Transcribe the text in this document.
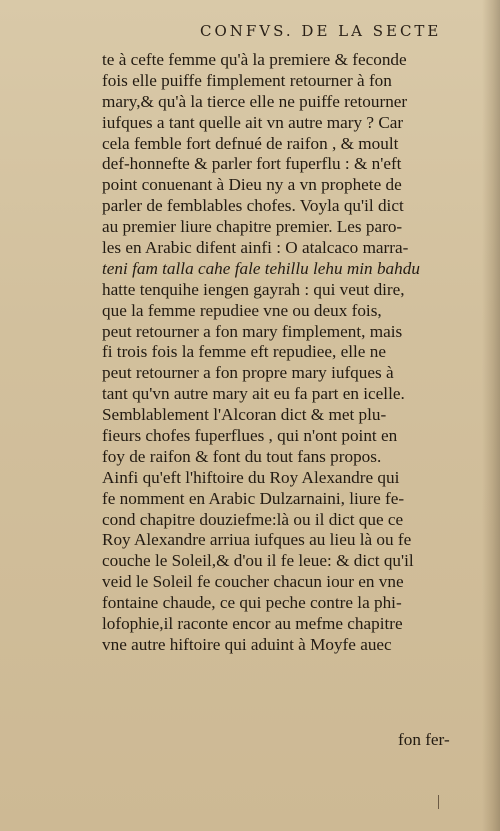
CONFVS. DE LA SECTE
te à cefte femme qu'à la premiere & feconde
fois elle puiffe fimplement retourner à fon
mary,& qu'à la tierce elle ne puiffe retourner
iufques a tant quelle ait vn autre mary ? Car
cela femble fort defnué de raifon , & moult
def-honnefte & parler fort fuperflu : & n'eft
point conuenant à Dieu ny a vn prophete de
parler de femblables chofes. Voyla qu'il dict
au premier liure chapitre premier. Les paro-
les en Arabic difent ainfi : O atalcaco marra-
teni fam talla cahe fale tehillu lehu min bahdu
hatte tenquihe iengen gayrah : qui veut dire,
que la femme repudiee vne ou deux fois,
peut retourner a fon mary fimplement, mais
fi trois fois la femme eft repudiee, elle ne
peut retourner a fon propre mary iufques à
tant qu'vn autre mary ait eu fa part en icelle.
Semblablement l'Alcoran dict & met plu-
fieurs chofes fuperflues , qui n'ont point en
foy de raifon & font du tout fans propos.
Ainfi qu'eft l'hiftoire du Roy Alexandre qui
fe nomment en Arabic Dulzarnaini, liure fe-
cond chapitre douziefme:là ou il dict que ce
Roy Alexandre arriua iufques au lieu là ou fe
couche le Soleil,& d'ou il fe leue: & dict qu'il
veid le Soleil fe coucher chacun iour en vne
fontaine chaude, ce qui peche contre la phi-
lofophie,il raconte encor au mefme chapitre
vne autre hiftoire qui aduint à Moyfe auec
fon fer-
